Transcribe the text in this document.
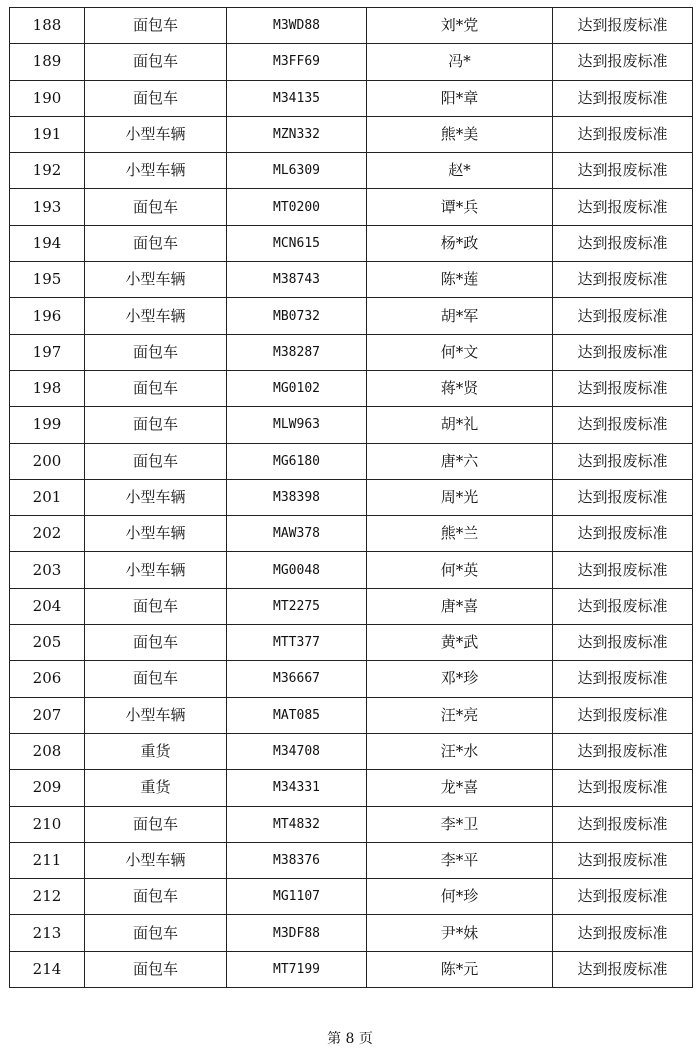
188	面包车	M3WD88	刘*党	达到报废标准
189	面包车	M3FF69	冯*	达到报废标准
190	面包车	M34135	阳*章	达到报废标准
191	小型车辆	MZN332	熊*美	达到报废标准
192	小型车辆	ML6309	赵*	达到报废标准
193	面包车	MT0200	谭*兵	达到报废标准
194	面包车	MCN615	杨*政	达到报废标准
195	小型车辆	M38743	陈*莲	达到报废标准
196	小型车辆	MB0732	胡*军	达到报废标准
197	面包车	M38287	何*文	达到报废标准
198	面包车	MG0102	蒋*贤	达到报废标准
199	面包车	MLW963	胡*礼	达到报废标准
200	面包车	MG6180	唐*六	达到报废标准
201	小型车辆	M38398	周*光	达到报废标准
202	小型车辆	MAW378	熊*兰	达到报废标准
203	小型车辆	MG0048	何*英	达到报废标准
204	面包车	MT2275	唐*喜	达到报废标准
205	面包车	MTT377	黄*武	达到报废标准
206	面包车	M36667	邓*珍	达到报废标准
207	小型车辆	MAT085	汪*亮	达到报废标准
208	重货	M34708	汪*水	达到报废标准
209	重货	M34331	龙*喜	达到报废标准
210	面包车	MT4832	李*卫	达到报废标准
211	小型车辆	M38376	李*平	达到报废标准
212	面包车	MG1107	何*珍	达到报废标准
213	面包车	M3DF88	尹*妹	达到报废标准
214	面包车	MT7199	陈*元	达到报废标准
第 8 页
